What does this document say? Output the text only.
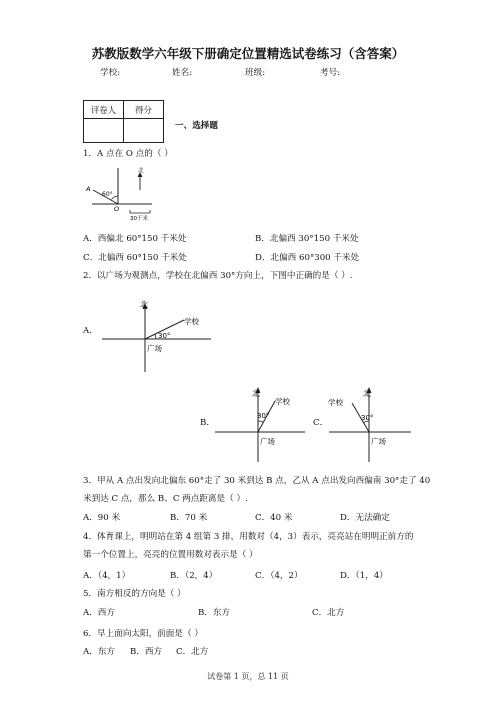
苏教版数学六年级下册确定位置精选试卷练习（含答案）
学校:	姓名:	班级:	考号:
评卷人	得分

一、选择题
1．A 点在 O 点的（ ）
北
A
60°
O
30千米
A．西偏北 60°150 千米处	B．北偏西 30°150 千米处
C．北偏西 60°150 千米处	D．北偏西 60°300 千米处
2．以广场为观测点，学校在北偏西 30°方向上，下图中正确的是（ ）.
A．
北
学校
30°
广场
B．
北
学校
30°
广场
C．
北
学校
30°
广场
3．甲从 A 点出发向北偏东 60°走了 30 米到达 B 点，乙从 A 点出发向西偏南 30°走了 40
米到达 C 点，那么 B、C 两点距离是（ ）.
A．90 米	B．70 米	C．40 米	D．无法确定
4．体育课上，明明站在第 4 组第 3 排，用数对（4，3）表示，亮亮站在明明正前方的
第一个位置上，亮亮的位置用数对表示是（ ）
A．（4，1）	B．（2，4）	C．（4，2）	D．（1，4）
5．南方相反的方向是（ ）
A．西方	B．东方	C．北方
6．早上面向太阳，前面是（ ）
A．东方 B．西方 C．北方
试卷第 1 页，总 11 页
